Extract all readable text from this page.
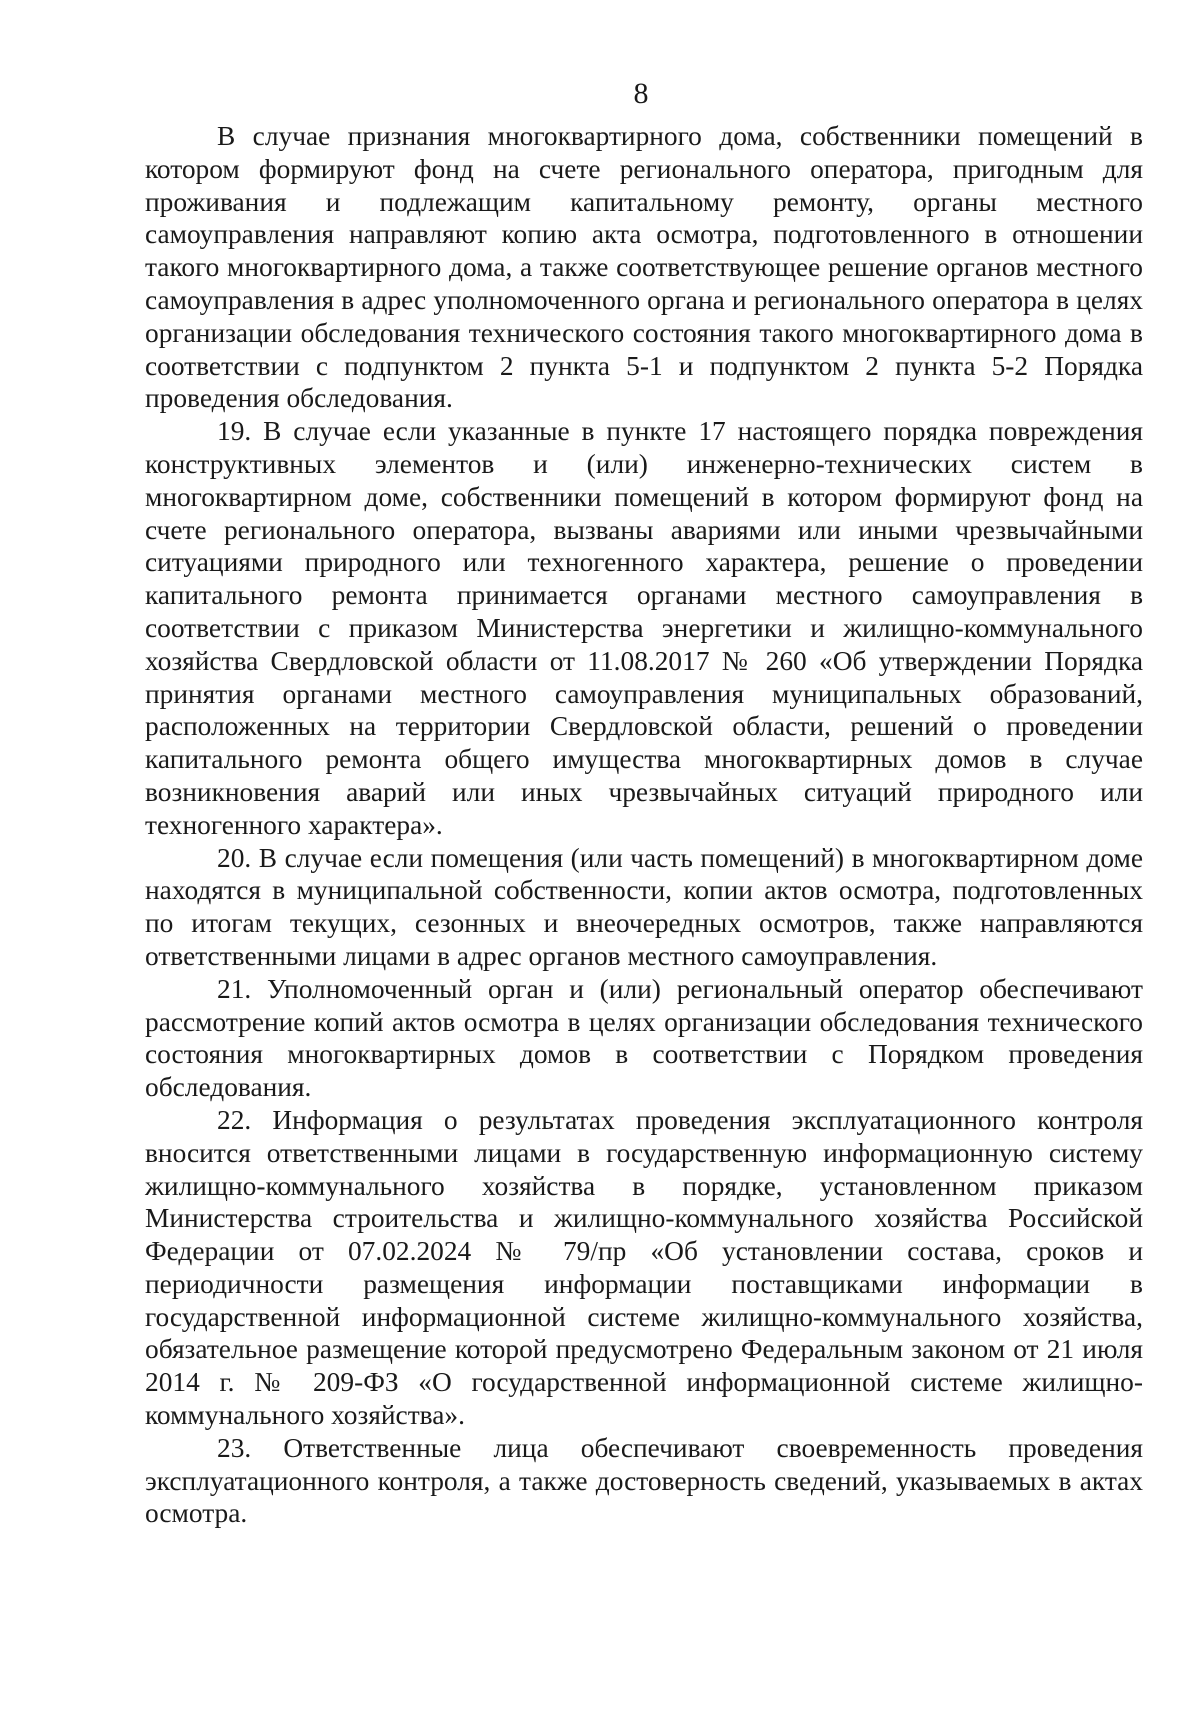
8

В случае признания многоквартирного дома, собственники помещений в котором формируют фонд на счете регионального оператора, пригодным для проживания и подлежащим капитальному ремонту, органы местного самоуправления направляют копию акта осмотра, подготовленного в отношении такого многоквартирного дома, а также соответствующее решение органов местного самоуправления в адрес уполномоченного органа и регионального оператора в целях организации обследования технического состояния такого многоквартирного дома в соответствии с подпунктом 2 пункта 5-1 и подпунктом 2 пункта 5-2 Порядка проведения обследования.

19. В случае если указанные в пункте 17 настоящего порядка повреждения конструктивных элементов и (или) инженерно-технических систем в многоквартирном доме, собственники помещений в котором формируют фонд на счете регионального оператора, вызваны авариями или иными чрезвычайными ситуациями природного или техногенного характера, решение о проведении капитального ремонта принимается органами местного самоуправления в соответствии с приказом Министерства энергетики и жилищно-коммунального хозяйства Свердловской области от 11.08.2017 № 260 «Об утверждении Порядка принятия органами местного самоуправления муниципальных образований, расположенных на территории Свердловской области, решений о проведении капитального ремонта общего имущества многоквартирных домов в случае возникновения аварий или иных чрезвычайных ситуаций природного или техногенного характера».

20. В случае если помещения (или часть помещений) в многоквартирном доме находятся в муниципальной собственности, копии актов осмотра, подготовленных по итогам текущих, сезонных и внеочередных осмотров, также направляются ответственными лицами в адрес органов местного самоуправления.

21. Уполномоченный орган и (или) региональный оператор обеспечивают рассмотрение копий актов осмотра в целях организации обследования технического состояния многоквартирных домов в соответствии с Порядком проведения обследования.

22. Информация о результатах проведения эксплуатационного контроля вносится ответственными лицами в государственную информационную систему жилищно-коммунального хозяйства в порядке, установленном приказом Министерства строительства и жилищно-коммунального хозяйства Российской Федерации от 07.02.2024 № 79/пр «Об установлении состава, сроков и периодичности размещения информации поставщиками информации в государственной информационной системе жилищно-коммунального хозяйства, обязательное размещение которой предусмотрено Федеральным законом от 21 июля 2014 г. № 209-ФЗ «О государственной информационной системе жилищно-коммунального хозяйства».

23. Ответственные лица обеспечивают своевременность проведения эксплуатационного контроля, а также достоверность сведений, указываемых в актах осмотра.
